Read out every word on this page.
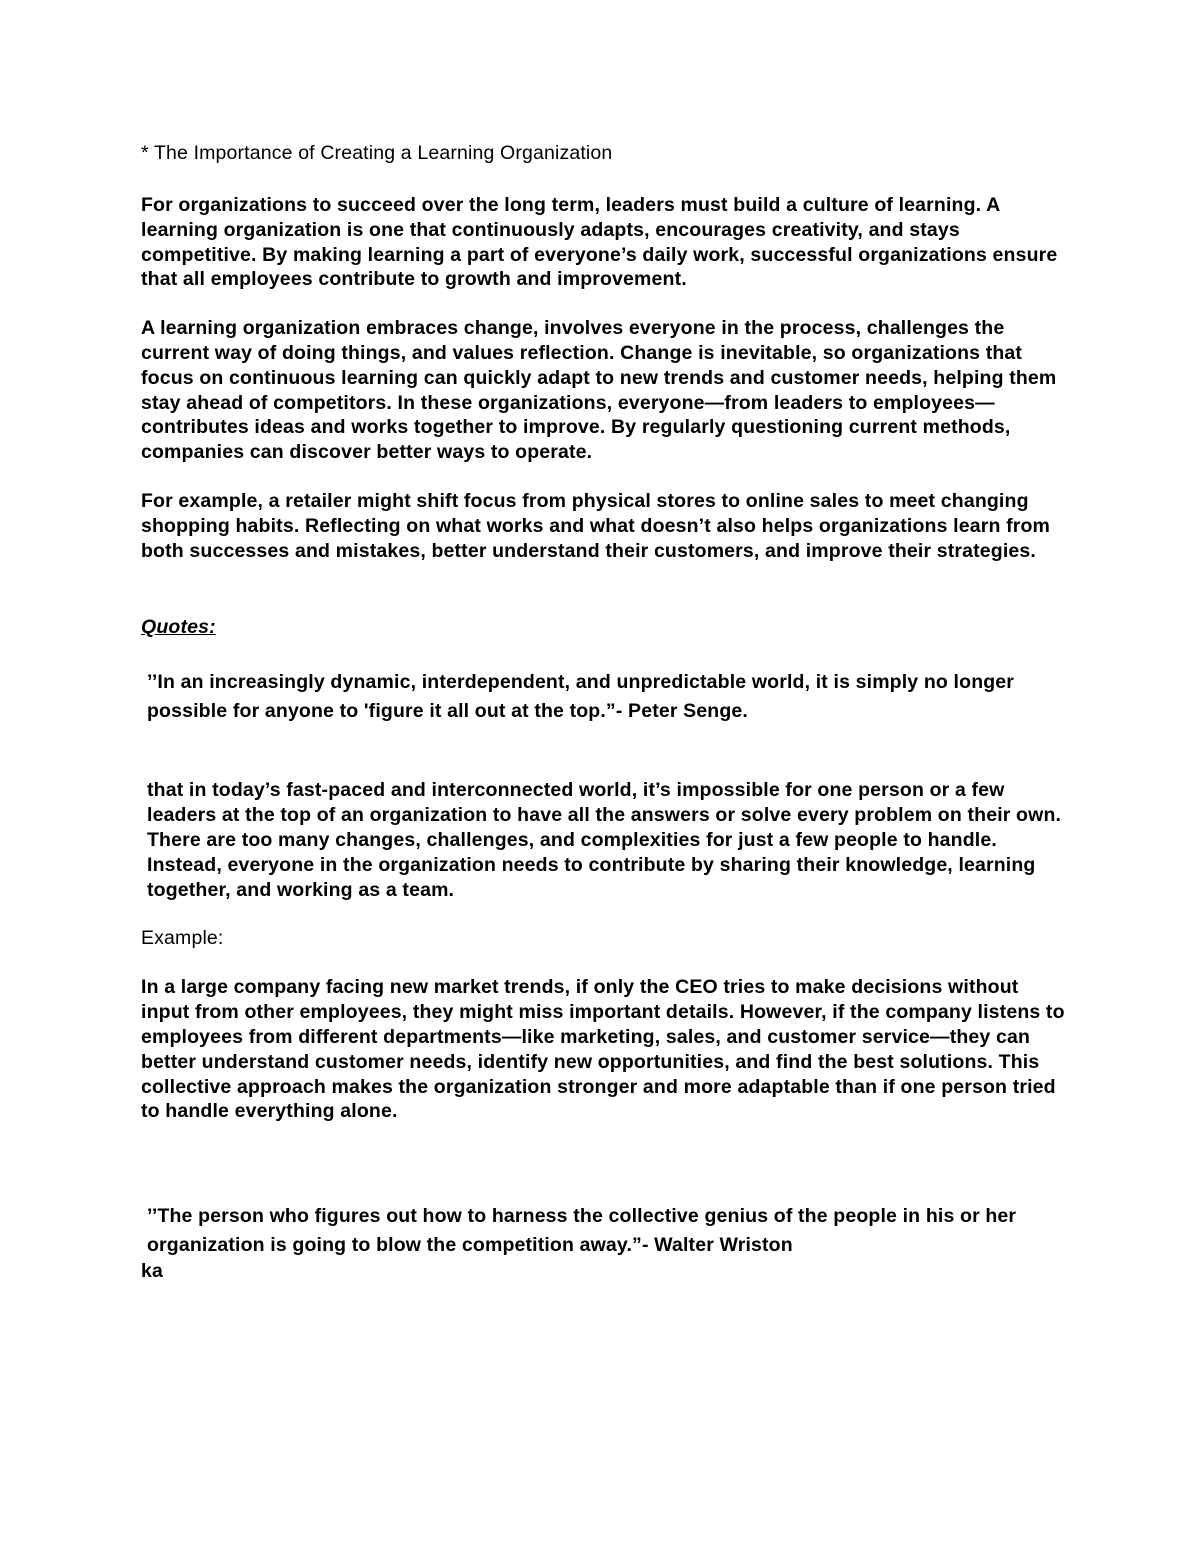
* The Importance of Creating a Learning Organization

For organizations to succeed over the long term, leaders must build a culture of learning. A learning organization is one that continuously adapts, encourages creativity, and stays competitive. By making learning a part of everyone’s daily work, successful organizations ensure that all employees contribute to growth and improvement.

A learning organization embraces change, involves everyone in the process, challenges the current way of doing things, and values reflection. Change is inevitable, so organizations that focus on continuous learning can quickly adapt to new trends and customer needs, helping them stay ahead of competitors. In these organizations, everyone—from leaders to employees—contributes ideas and works together to improve. By regularly questioning current methods, companies can discover better ways to operate.

For example, a retailer might shift focus from physical stores to online sales to meet changing shopping habits. Reflecting on what works and what doesn’t also helps organizations learn from both successes and mistakes, better understand their customers, and improve their strategies.

Quotes:

’’In an increasingly dynamic, interdependent, and unpredictable world, it is simply no longer possible for anyone to 'figure it all out at the top.”- Peter Senge.

that in today’s fast-paced and interconnected world, it’s impossible for one person or a few leaders at the top of an organization to have all the answers or solve every problem on their own. There are too many changes, challenges, and complexities for just a few people to handle. Instead, everyone in the organization needs to contribute by sharing their knowledge, learning together, and working as a team.

Example:

In a large company facing new market trends, if only the CEO tries to make decisions without input from other employees, they might miss important details. However, if the company listens to employees from different departments—like marketing, sales, and customer service—they can better understand customer needs, identify new opportunities, and find the best solutions. This collective approach makes the organization stronger and more adaptable than if one person tried to handle everything alone.

’’The person who figures out how to harness the collective genius of the people in his or her organization is going to blow the competition away.”- Walter Wriston

ka
